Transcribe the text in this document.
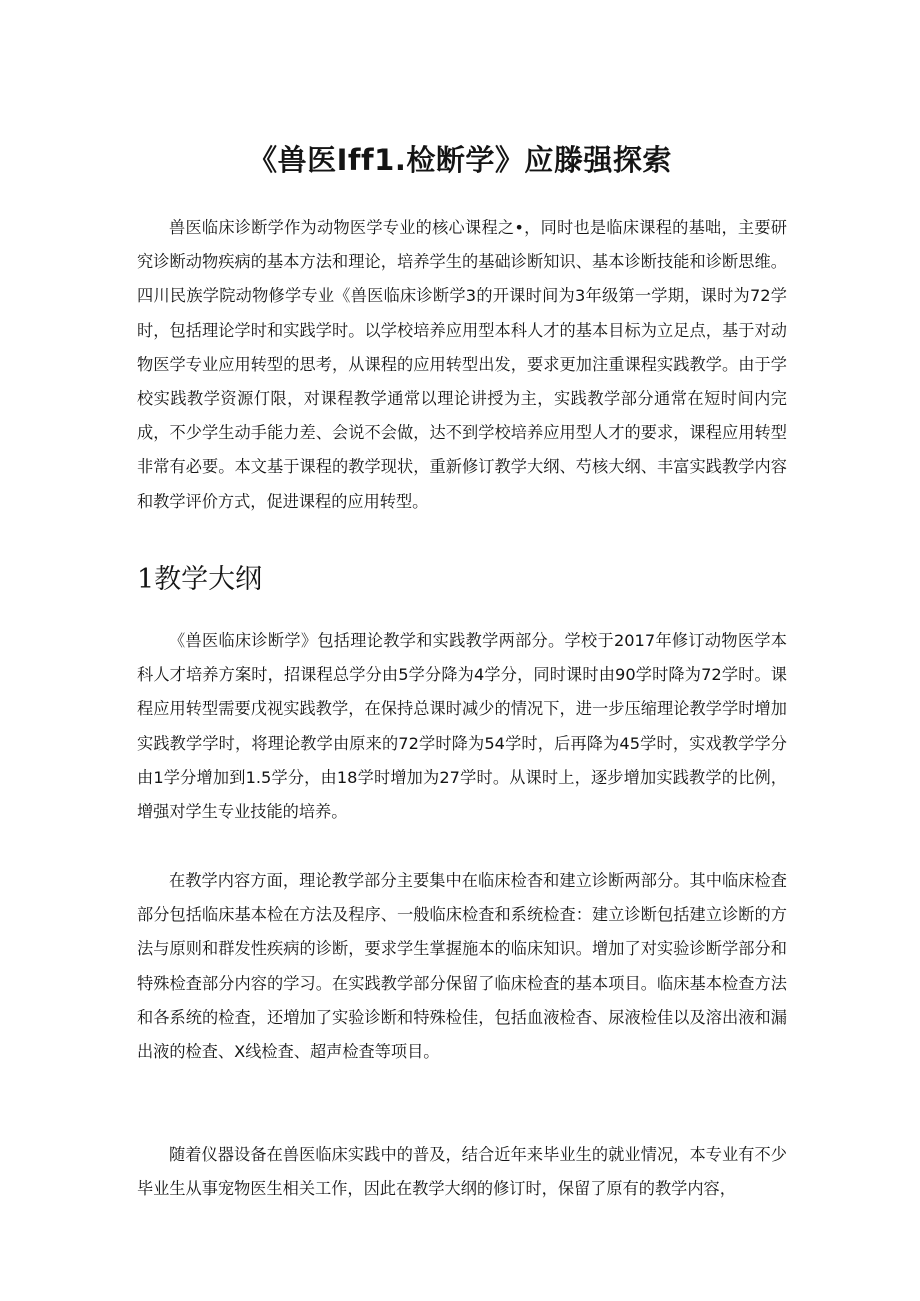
《兽医Iff1.检断学》应滕强探索

兽医临床诊断学作为动物医学专业的核心课程之•，同时也是临床课程的基咄，主要研究诊断动物疾病的基本方法和理论，培养学生的基础诊断知识、基本诊断技能和诊断思维。四川民族学院动物修学专业《兽医临床诊断学3的开课时间为3年级第一学期，课时为72学时，包括理论学时和实践学时。以学校培养应用型本科人才的基本目标为立足点，基于对动物医学专业应用转型的思考，从课程的应用转型出发，要求更加注重课程实践教学。由于学校实践教学资源仃限，对课程教学通常以理论讲授为主，实践教学部分通常在短时间内完成，不少学生动手能力差、会说不会做，达不到学校培养应用型人才的要求，课程应用转型非常有必要。本文基于课程的教学现状，重新修订教学大纲、芍核大纲、丰富实践教学内容和教学评价方式，促进课程的应用转型。

1教学大纲

《兽医临床诊断学》包括理论教学和实践教学两部分。学校于2017年修订动物医学本科人才培养方案时，招课程总学分由5学分降为4学分，同时课时由90学时降为72学时。课程应用转型需要戊视实践教学，在保持总课时减少的情况下，进一步压缩理论教学学时增加实践教学学时，将理论教学由原来的72学时降为54学时，后再降为45学时，实戏教学学分由1学分增加到1.5学分，由18学时增加为27学时。从课时上，逐步增加实践教学的比例，增强对学生专业技能的培养。

在教学内容方面，理论教学部分主要集中在临床检杳和建立诊断两部分。其中临床检査部分包括临床基本检在方法及程序、一般临床检査和系统检査：建立诊断包括建立诊断的方法与原则和群发性疾病的诊断，要求学生掌握施本的临床知识。增加了对实验诊断学部分和特殊检査部分内容的学习。在实践教学部分保留了临床检査的基本项目。临床基本检查方法和各系统的检査，还増加了实验诊断和特殊检佳，包括血液检杳、尿液检佳以及溶出液和漏出液的检査、X线检査、超声检査等项目。

随着仪器设备在兽医临床实践中的普及，结合近年来毕业生的就业情况，本专业有不少毕业生从事宠物医生相关工作，因此在教学大纲的修订时，保留了原有的教学内容，
